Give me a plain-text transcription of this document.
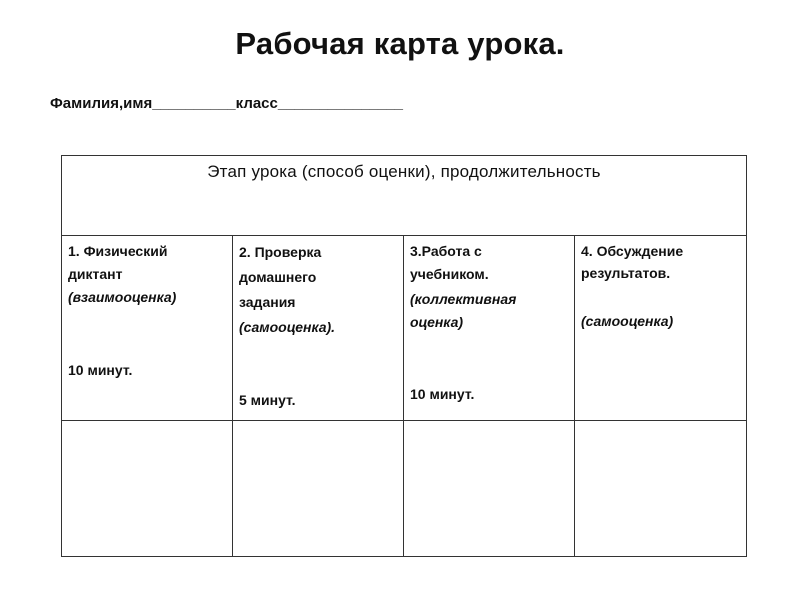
Рабочая карта урока.
Фамилия,имя__________класс_______________
Этап урока (способ оценки), продолжительность
1. Физический
диктант
(взаимооценка)
10 минут.
2. Проверка
домашнего
задания
(самооценка).
5 минут.
3.Работа с
учебником.
(коллективная
оценка)
10 минут.
4. Обсуждение
результатов.
(самооценка)
